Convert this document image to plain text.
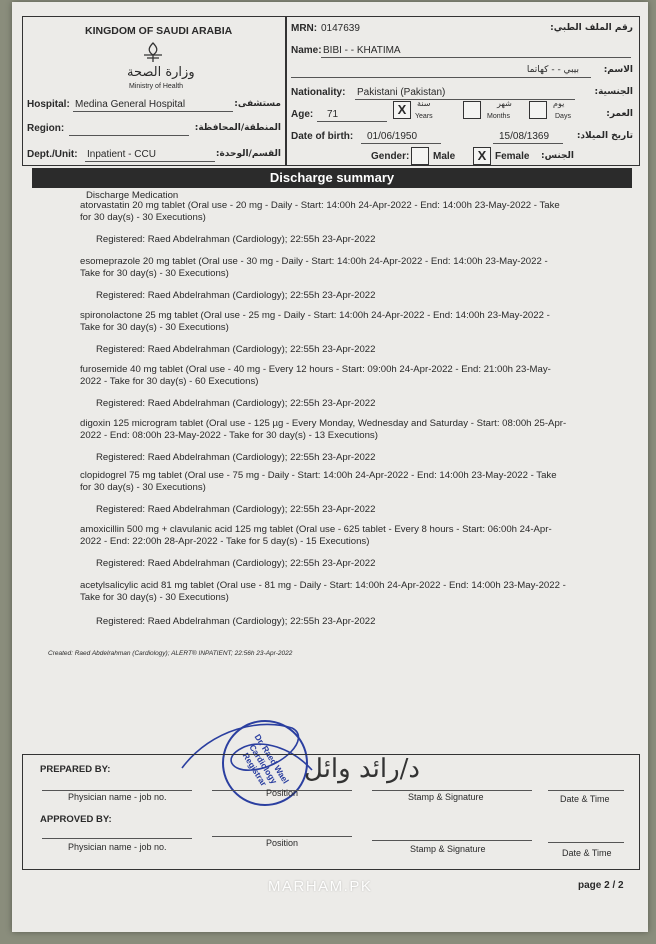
KINGDOM OF SAUDI ARABIA
وزارة الصحة
Ministry of Health
Hospital: Medina General Hospital	مستشفى:
Region:	المنطقة/المحافظة:
Dept./Unit: Inpatient - CCU	القسم/الوحدة:
MRN: 0147639	رقم الملف الطبي:
Name: BIBI - - KHATIMA
الاسم:
بيبي - - كهاتما
Nationality: Pakistani (Pakistan)	الجنسية:
Age: 71	X	سنة
Years
شهر
Months
يوم
Days	العمر:
Date of birth: 01/06/1950	15/08/1369	تاريخ الميلاد:
Gender: Male	X Female الجنس:
Discharge summary
Discharge Medication
atorvastatin 20 mg tablet (Oral use - 20 mg - Daily - Start: 14:00h 24-Apr-2022 - End: 14:00h 23-May-2022 - Take for 30 day(s) - 30 Executions)
Registered: Raed Abdelrahman (Cardiology); 22:55h 23-Apr-2022
esomeprazole 20 mg tablet (Oral use - 30 mg - Daily - Start: 14:00h 24-Apr-2022 - End: 14:00h 23-May-2022 - Take for 30 day(s) - 30 Executions)
Registered: Raed Abdelrahman (Cardiology); 22:55h 23-Apr-2022
spironolactone 25 mg tablet (Oral use - 25 mg - Daily - Start: 14:00h 24-Apr-2022 - End: 14:00h 23-May-2022 - Take for 30 day(s) - 30 Executions)
Registered: Raed Abdelrahman (Cardiology); 22:55h 23-Apr-2022
furosemide 40 mg tablet (Oral use - 40 mg - Every 12 hours - Start: 09:00h 24-Apr-2022 - End: 21:00h 23-May-2022 - Take for 30 day(s) - 60 Executions)
Registered: Raed Abdelrahman (Cardiology); 22:55h 23-Apr-2022
digoxin 125 microgram tablet (Oral use - 125 µg - Every Monday, Wednesday and Saturday - Start: 08:00h 25-Apr-2022 - End: 08:00h 23-May-2022 - Take for 30 day(s) - 13 Executions)
Registered: Raed Abdelrahman (Cardiology); 22:55h 23-Apr-2022
clopidogrel 75 mg tablet (Oral use - 75 mg - Daily - Start: 14:00h 24-Apr-2022 - End: 14:00h 23-May-2022 - Take for 30 day(s) - 30 Executions)
Registered: Raed Abdelrahman (Cardiology); 22:55h 23-Apr-2022
amoxicillin 500 mg + clavulanic acid 125 mg tablet (Oral use - 625 tablet - Every 8 hours - Start: 06:00h 24-Apr-2022 - End: 22:00h 28-Apr-2022 - Take for 5 day(s) - 15 Executions)
Registered: Raed Abdelrahman (Cardiology); 22:55h 23-Apr-2022
acetylsalicylic acid 81 mg tablet (Oral use - 81 mg - Daily - Start: 14:00h 24-Apr-2022 - End: 14:00h 23-May-2022 - Take for 30 day(s) - 30 Executions)
Registered: Raed Abdelrahman (Cardiology); 22:55h 23-Apr-2022
Created: Raed Abdelrahman (Cardiology); ALERT® INPATIENT; 22:56h 23-Apr-2022
Dr. Raed Wael Cardiology Registrar	د/رائد وائل
PREPARED BY:
Physician name - job no.	Position	Stamp & Signature	Date & Time
APPROVED BY:
Physician name - job no.	Position
Stamp & Signature	Date & Time
MARHAM.PK	page 2 / 2
